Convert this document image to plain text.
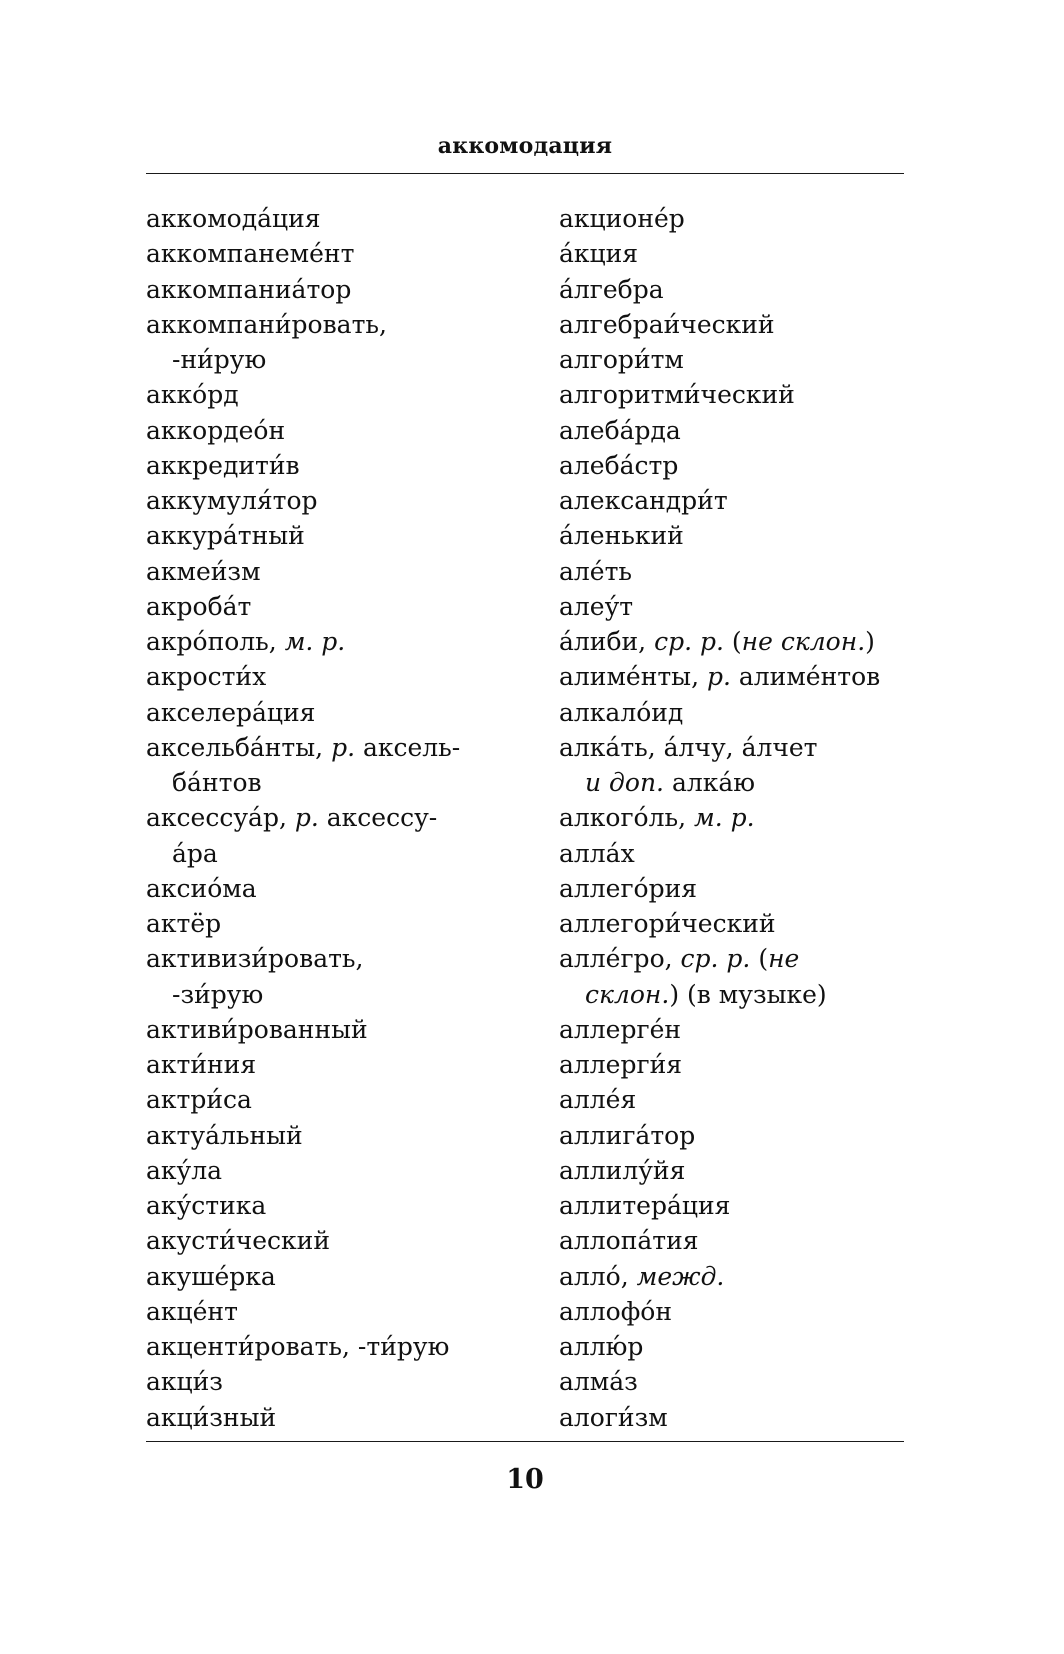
аккомодация
аккомода́ция
аккомпанеме́нт
аккомпаниа́тор
аккомпани́ровать,
-ни́рую
акко́рд
аккордео́н
аккредити́в
аккумуля́тор
аккура́тный
акмеи́зм
акроба́т
акро́поль, м. р.
акрости́х
акселера́ция
аксельба́нты, р. аксель-
ба́нтов
аксессуа́р, р. аксессу-
а́ра
аксио́ма
актёр
активизи́ровать,
-зи́рую
активи́рованный
акти́ния
актри́са
актуа́льный
аку́ла
аку́стика
акусти́ческий
акуше́рка
акце́нт
акценти́ровать, -ти́рую
акци́з
акци́зный
акционе́р
а́кция
а́лгебра
алгебраи́ческий
алгори́тм
алгоритми́ческий
алеба́рда
алеба́стр
александри́т
а́ленький
але́ть
алеу́т
а́либи, ср. р. (не склон.)
алиме́нты, р. алиме́нтов
алкало́ид
алка́ть, а́лчу, а́лчет
и доп. алка́ю
алкого́ль, м. р.
алла́х
аллего́рия
аллегори́ческий
алле́гро, ср. р. (не
склон.) (в музыке)
аллерге́н
аллерги́я
алле́я
аллига́тор
аллилу́йя
аллитера́ция
аллопа́тия
алло́, межд.
аллофо́н
аллю́р
алма́з
алоги́зм
10
